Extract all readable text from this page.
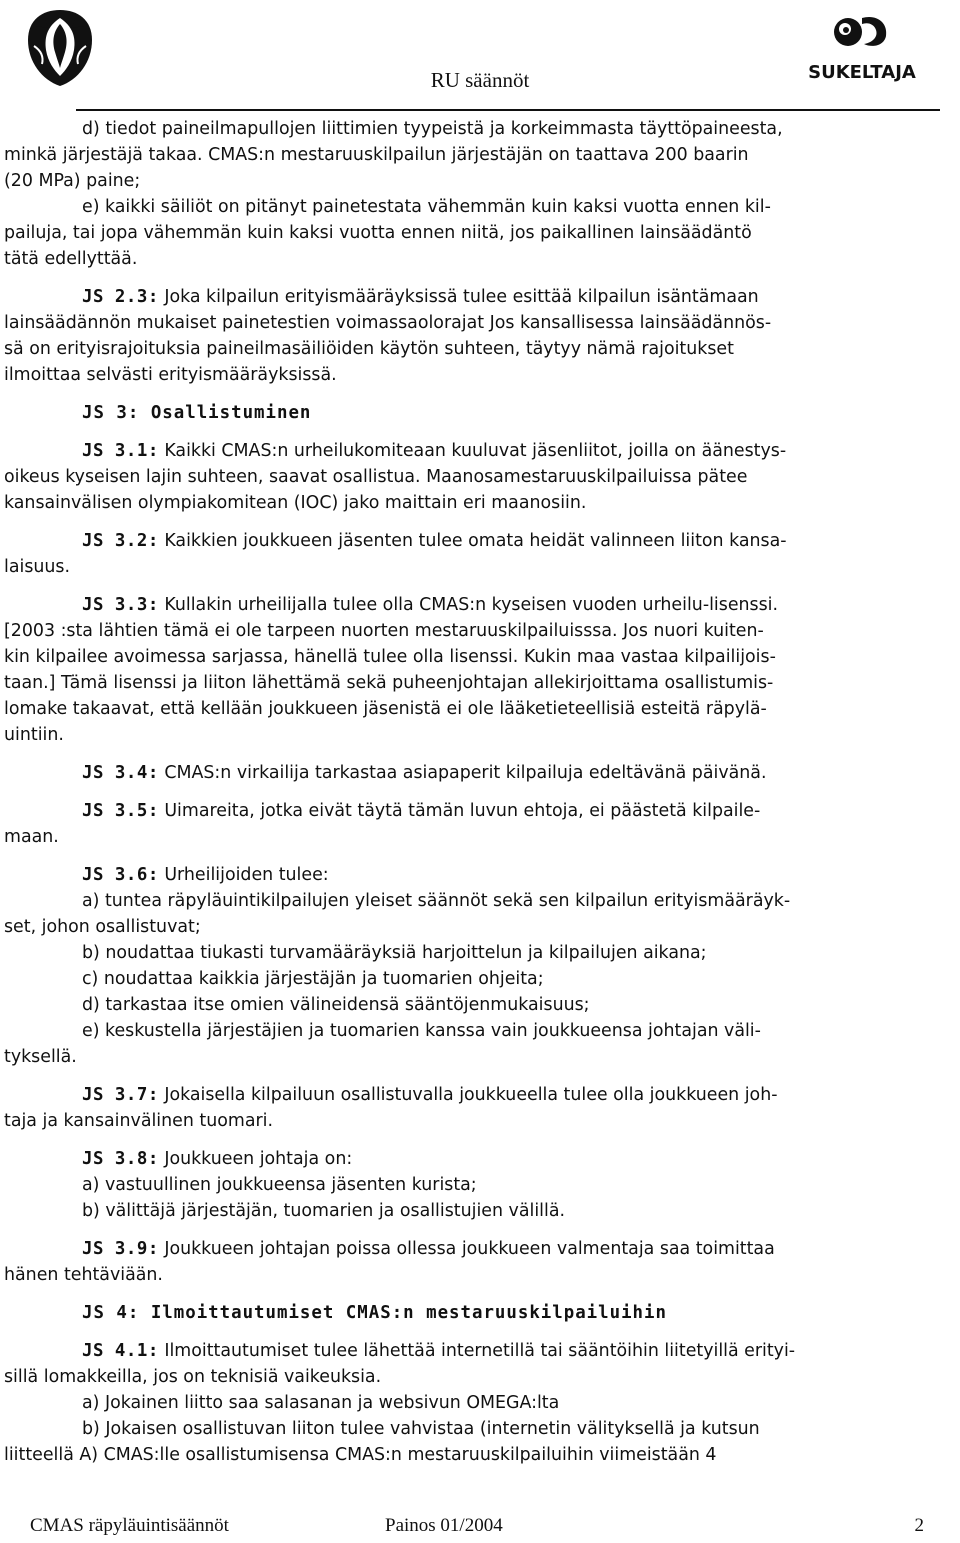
SUKELTAJA
RU säännöt
d) tiedot paineilmapullojen liittimien tyypeistä ja korkeimmasta täyttöpaineesta,
minkä järjestäjä takaa. CMAS:n mestaruuskilpailun järjestäjän on taattava 200 baarin
(20 MPa) paine;
e) kaikki säiliöt on pitänyt painetestata vähemmän kuin kaksi vuotta ennen kil-
pailuja, tai jopa vähemmän kuin kaksi vuotta ennen niitä, jos paikallinen lainsäädäntö
tätä edellyttää.
JS 2.3: Joka kilpailun erityismääräyksissä tulee esittää kilpailun isäntämaan
lainsäädännön mukaiset painetestien voimassaolorajat Jos kansallisessa lainsäädännös-
sä on erityisrajoituksia paineilmasäiliöiden käytön suhteen, täytyy nämä rajoitukset
ilmoittaa selvästi erityismääräyksissä.
JS 3: Osallistuminen
JS 3.1: Kaikki CMAS:n urheilukomiteaan kuuluvat jäsenliitot, joilla on äänestys-
oikeus kyseisen lajin suhteen, saavat osallistua. Maanosamestaruuskilpailuissa pätee
kansainvälisen olympiakomitean (IOC) jako maittain eri maanosiin.
JS 3.2: Kaikkien joukkueen jäsenten tulee omata heidät valinneen liiton kansa-
laisuus.
JS 3.3: Kullakin urheilijalla tulee olla CMAS:n kyseisen vuoden urheilu-lisenssi.
[2003 :sta lähtien tämä ei ole tarpeen nuorten mestaruuskilpailuisssa. Jos nuori kuiten-
kin kilpailee avoimessa sarjassa, hänellä tulee olla lisenssi. Kukin maa vastaa kilpailijois-
taan.] Tämä lisenssi ja liiton lähettämä sekä puheenjohtajan allekirjoittama osallistumis-
lomake takaavat, että kellään joukkueen jäsenistä ei ole lääketieteellisiä esteitä räpylä-
uintiin.
JS 3.4: CMAS:n virkailija tarkastaa asiapaperit kilpailuja edeltävänä päivänä.
JS 3.5: Uimareita, jotka eivät täytä tämän luvun ehtoja, ei päästetä kilpaile-
maan.
JS 3.6: Urheilijoiden tulee:
a) tuntea räpyläuintikilpailujen yleiset säännöt sekä sen kilpailun erityismääräyk-
set, johon osallistuvat;
b) noudattaa tiukasti turvamääräyksiä harjoittelun ja kilpailujen aikana;
c) noudattaa kaikkia järjestäjän ja tuomarien ohjeita;
d) tarkastaa itse omien välineidensä sääntöjenmukaisuus;
e) keskustella järjestäjien ja tuomarien kanssa vain joukkueensa johtajan väli-
tyksellä.
JS 3.7: Jokaisella kilpailuun osallistuvalla joukkueella tulee olla joukkueen joh-
taja ja kansainvälinen tuomari.
JS 3.8: Joukkueen johtaja on:
a) vastuullinen joukkueensa jäsenten kurista;
b) välittäjä järjestäjän, tuomarien ja osallistujien välillä.
JS 3.9: Joukkueen johtajan poissa ollessa joukkueen valmentaja saa toimittaa
hänen tehtäviään.
JS 4: Ilmoittautumiset CMAS:n mestaruuskilpailuihin
JS 4.1: Ilmoittautumiset tulee lähettää internetillä tai sääntöihin liitetyillä erityi-
sillä lomakkeilla, jos on teknisiä vaikeuksia.
a) Jokainen liitto saa salasanan ja websivun OMEGA:lta
b) Jokaisen osallistuvan liiton tulee vahvistaa (internetin välityksellä ja kutsun
liitteellä A) CMAS:lle osallistumisensa CMAS:n mestaruuskilpailuihin viimeistään 4
CMAS räpyläuintisäännöt	Painos 01/2004	2
